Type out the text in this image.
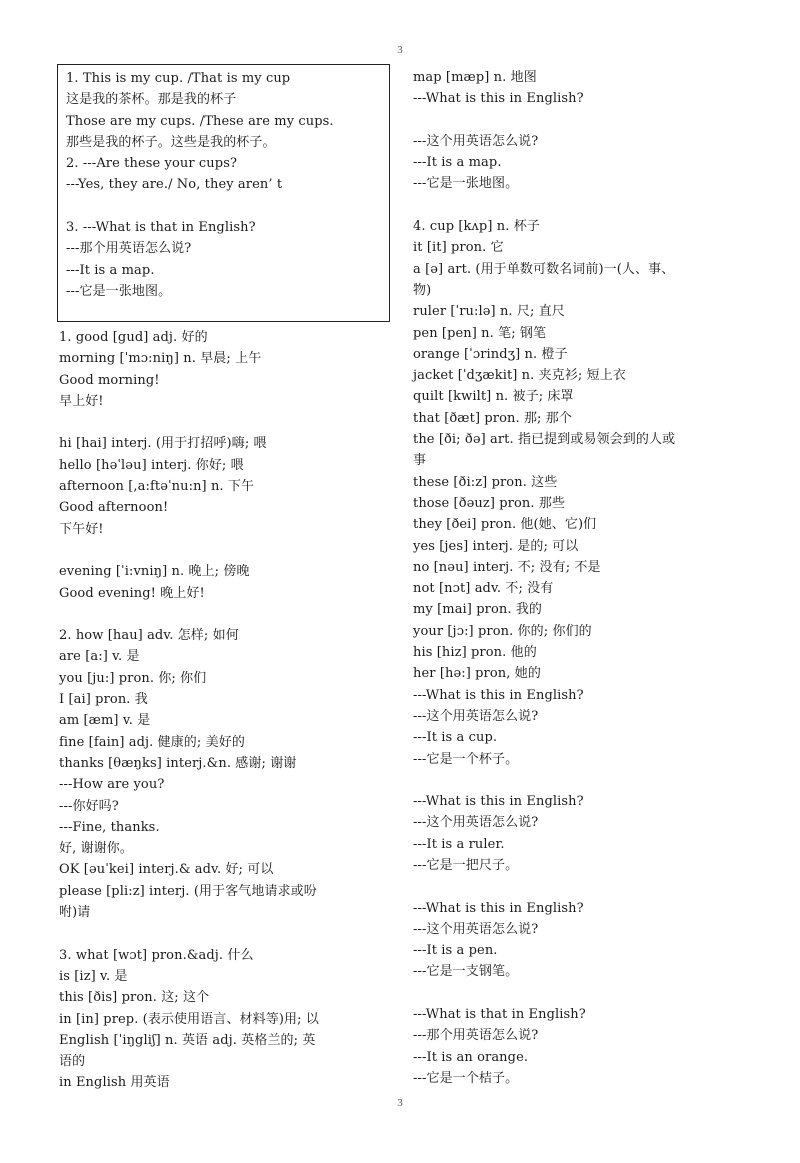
3
1. This is my cup. /That is my cup
这是我的茶杯。那是我的杯子
Those are my cups. /These are my cups.
那些是我的杯子。这些是我的杯子。
2. ---Are these your cups?
---Yes, they are./ No, they aren’ t
3. ---What is that in English?
---那个用英语怎么说?
---It is a map.
---它是一张地图。
1. good [gud] adj. 好的
morning [ˈmɔ:niŋ] n. 早晨; 上午
Good morning!
早上好!
hi [hai] interj. (用于打招呼)嗨; 喂
hello [həˈləu] interj. 你好; 喂
afternoon [,a:ftəˈnu:n] n. 下午
Good afternoon!
下午好!
evening [ˈi:vniŋ] n. 晚上; 傍晚
Good evening! 晚上好!
2. how [hau] adv. 怎样; 如何
are [a:] v. 是
you [ju:] pron. 你; 你们
I [ai] pron. 我
am [æm] v. 是
fine [fain] adj. 健康的; 美好的
thanks [θæŋks] interj.&n. 感谢; 谢谢
---How are you?
---你好吗?
---Fine, thanks.
好, 谢谢你。
OK [əuˈkei] interj.& adv. 好; 可以
please [pli:z] interj. (用于客气地请求或吩
咐)请
3. what [wɔt] pron.&adj. 什么
is [iz] v. 是
this [ðis] pron. 这; 这个
in [in] prep. (表示使用语言、材料等)用; 以
English [ˈiŋgliʃ] n. 英语 adj. 英格兰的; 英
语的
in English 用英语
map [mæp] n. 地图
---What is this in English?
---这个用英语怎么说?
---It is a map.
---它是一张地图。
4. cup [kʌp] n. 杯子
it [it] pron. 它
a [ə] art. (用于单数可数名词前)一(人、事、
物)
ruler [ˈru:lə] n. 尺; 直尺
pen [pen] n. 笔; 钢笔
orange [ˈɔrindʒ] n. 橙子
jacket [ˈdʒækit] n. 夹克衫; 短上衣
quilt [kwilt] n. 被子; 床罩
that [ðæt] pron. 那; 那个
the [ði; ðə] art. 指已提到或易领会到的人或
事
these [ði:z] pron. 这些
those [ðəuz] pron. 那些
they [ðei] pron. 他(她、它)们
yes [jes] interj. 是的; 可以
no [nəu] interj. 不; 没有; 不是
not [nɔt] adv. 不; 没有
my [mai] pron. 我的
your [jɔ:] pron. 你的; 你们的
his [hiz] pron. 他的
her [hə:] pron, 她的
---What is this in English?
---这个用英语怎么说?
---It is a cup.
---它是一个杯子。
---What is this in English?
---这个用英语怎么说?
---It is a ruler.
---它是一把尺子。
---What is this in English?
---这个用英语怎么说?
---It is a pen.
---它是一支钢笔。
---What is that in English?
---那个用英语怎么说?
---It is an orange.
---它是一个桔子。
3
